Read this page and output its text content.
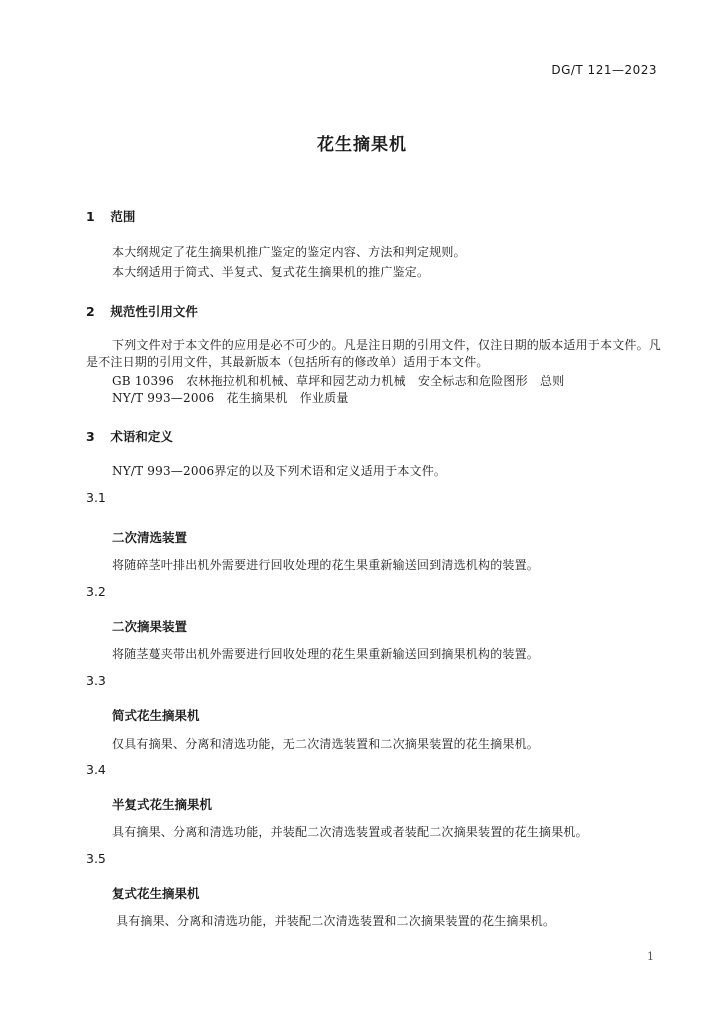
DG/T 121—2023
花生摘果机
1 范围
本大纲规定了花生摘果机推广鉴定的鉴定内容、方法和判定规则。
本大纲适用于简式、半复式、复式花生摘果机的推广鉴定。
2 规范性引用文件
下列文件对于本文件的应用是必不可少的。凡是注日期的引用文件，仅注日期的版本适用于本文件。凡是不注日期的引用文件，其最新版本（包括所有的修改单）适用于本文件。
GB 10396　农林拖拉机和机械、草坪和园艺动力机械　安全标志和危险图形　总则
NY/T 993—2006　花生摘果机　作业质量
3 术语和定义
NY/T 993—2006界定的以及下列术语和定义适用于本文件。
3.1
二次清选装置
将随碎茎叶排出机外需要进行回收处理的花生果重新输送回到清选机构的装置。
3.2
二次摘果装置
将随茎蔓夹带出机外需要进行回收处理的花生果重新输送回到摘果机构的装置。
3.3
简式花生摘果机
仅具有摘果、分离和清选功能，无二次清选装置和二次摘果装置的花生摘果机。
3.4
半复式花生摘果机
具有摘果、分离和清选功能，并装配二次清选装置或者装配二次摘果装置的花生摘果机。
3.5
复式花生摘果机
具有摘果、分离和清选功能，并装配二次清选装置和二次摘果装置的花生摘果机。
1
